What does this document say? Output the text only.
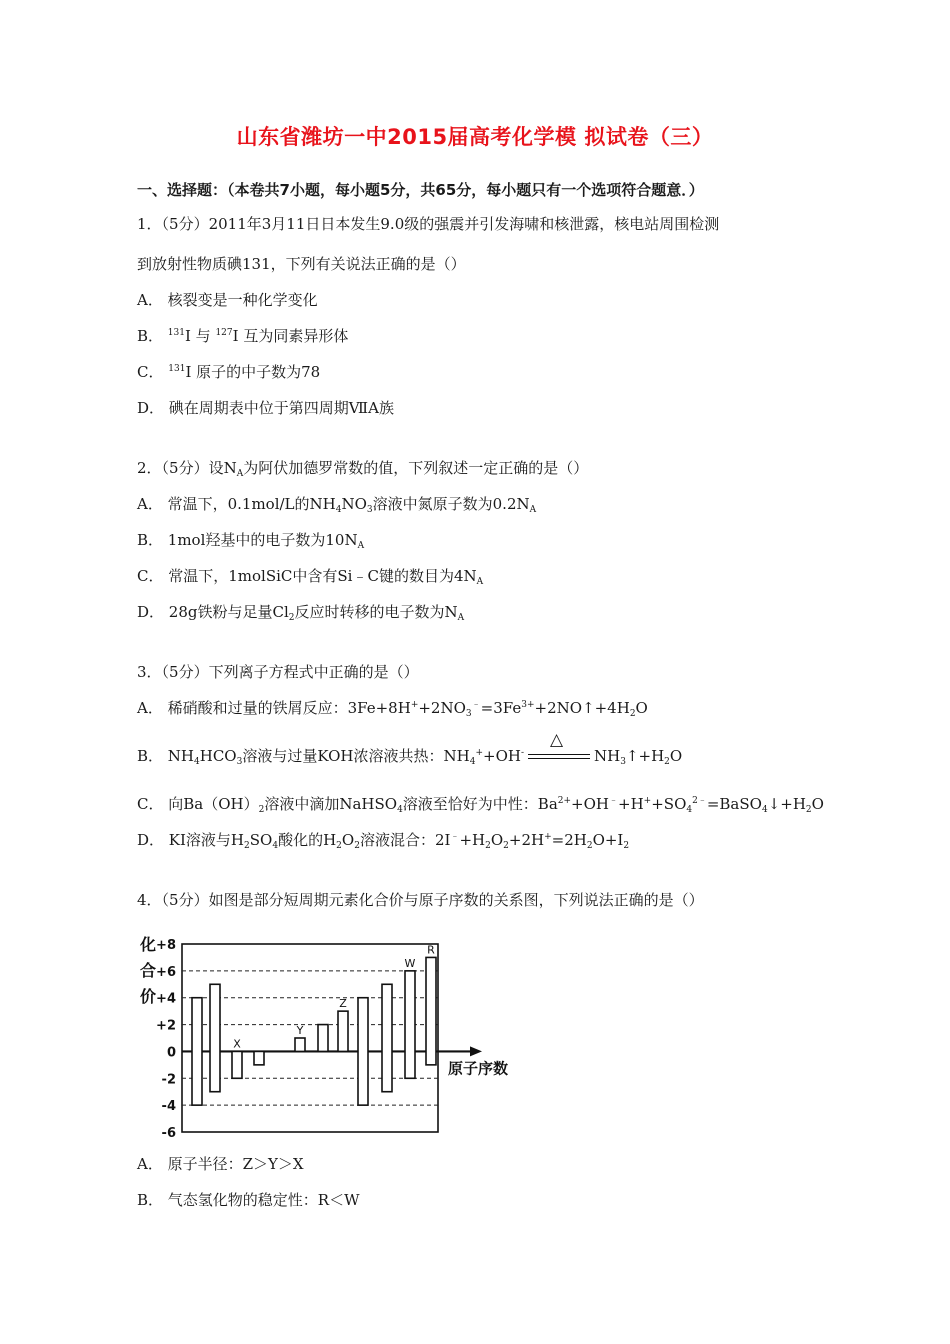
山东省潍坊一中2015届高考化学模 拟试卷（三）
一、选择题：（本卷共7小题，每小题5分，共65分，每小题只有一个选项符合题意．）
1．（5分）2011年3月11日日本发生9.0级的强震并引发海啸和核泄露，核电站周围检测
到放射性物质碘131，下列有关说法正确的是（）
A． 核裂变是一种化学变化
B． $^{131}$I 与 $^{127}$I 互为同素异形体
C． $^{131}$I 原子的中子数为78
D． 碘在周期表中位于第四周期ⅦA族
2．（5分）设$N_A$为阿伏加德罗常数的值，下列叙述一定正确的是（）
A． 常温下，0.1mol/L的$NH_4NO_3$溶液中氮原子数为$0.2N_A$
B． 1mol羟基中的电子数为$10N_A$
C． 常温下，1molSiC中含有Si﹣C键的数目为$4N_A$
D． 28g铁粉与足量$Cl_2$反应时转移的电子数为$N_A$
3．（5分）下列离子方程式中正确的是（）
A． 稀硝酸和过量的铁屑反应：$3Fe+8H^++2NO_3^﹣=3Fe^{3+}+2NO↑+4H_2O$
B． $NH_4HCO_3$溶液与过量KOH浓溶液共热：$NH_4^++OH^-$
△
$NH_3↑+H_2O$
C． 向$Ba(OH)_2$溶液中滴加NaHSO$_4$溶液至恰好为中性：$Ba^{2+}+OH^﹣+H^++SO_4^{2﹣}=BaSO_4↓+H_2O$
D． KI溶液与$H_2SO_4$酸化的$H_2O_2$溶液混合：$2I^﹣+H_2O_2+2H^+=2H_2O+I_2$
4．（5分）如图是部分短周期元素化合价与原子序数的关系图，下列说法正确的是（）
+8
+6
+4
+2
0
-2
-4
-6
化
合
价
原子序数
X
Y
Z
W
R
A． 原子半径：Z＞Y＞X
B． 气态氢化物的稳定性：R＜W
